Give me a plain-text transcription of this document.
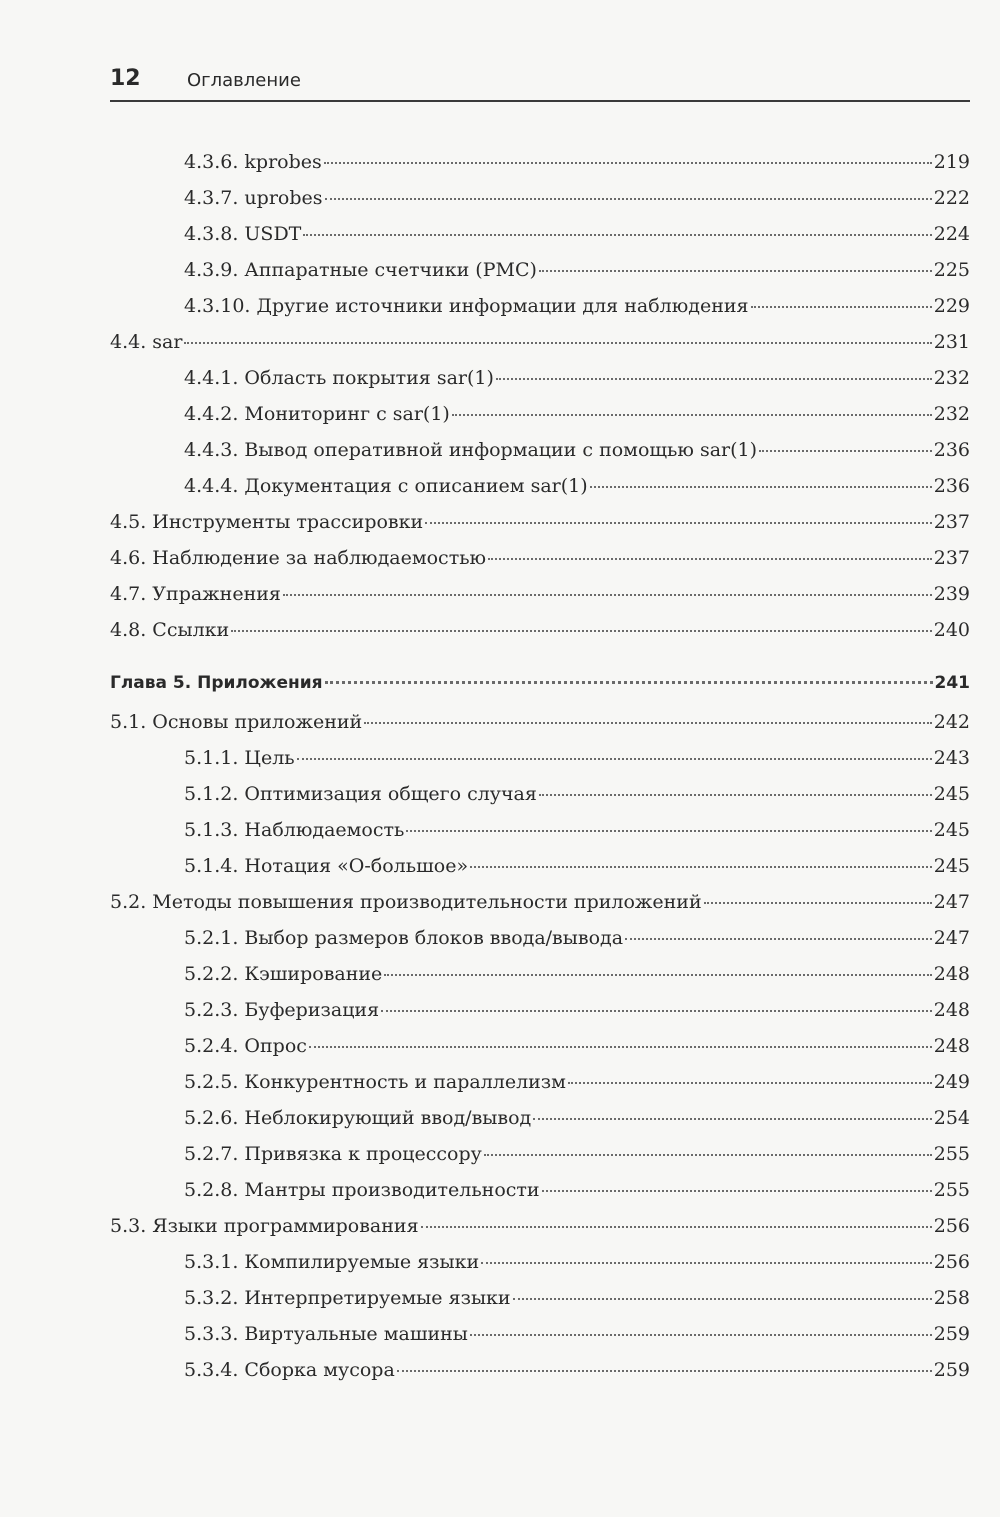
12	Оглавление
4.3.6. kprobes	219
4.3.7. uprobes	222
4.3.8. USDT	224
4.3.9. Аппаратные счетчики (PMC)	225
4.3.10. Другие источники информации для наблюдения	229
4.4. sar	231
4.4.1. Область покрытия sar(1)	232
4.4.2. Мониторинг с sar(1)	232
4.4.3. Вывод оперативной информации с помощью sar(1)	236
4.4.4. Документация с описанием sar(1)	236
4.5. Инструменты трассировки	237
4.6. Наблюдение за наблюдаемостью	237
4.7. Упражнения	239
4.8. Ссылки	240
Глава 5. Приложения	241
5.1. Основы приложений	242
5.1.1. Цель	243
5.1.2. Оптимизация общего случая	245
5.1.3. Наблюдаемость	245
5.1.4. Нотация «О-большое»	245
5.2. Методы повышения производительности приложений	247
5.2.1. Выбор размеров блоков ввода/вывода	247
5.2.2. Кэширование	248
5.2.3. Буферизация	248
5.2.4. Опрос	248
5.2.5. Конкурентность и параллелизм	249
5.2.6. Неблокирующий ввод/вывод	254
5.2.7. Привязка к процессору	255
5.2.8. Мантры производительности	255
5.3. Языки программирования	256
5.3.1. Компилируемые языки	256
5.3.2. Интерпретируемые языки	258
5.3.3. Виртуальные машины	259
5.3.4. Сборка мусора	259
